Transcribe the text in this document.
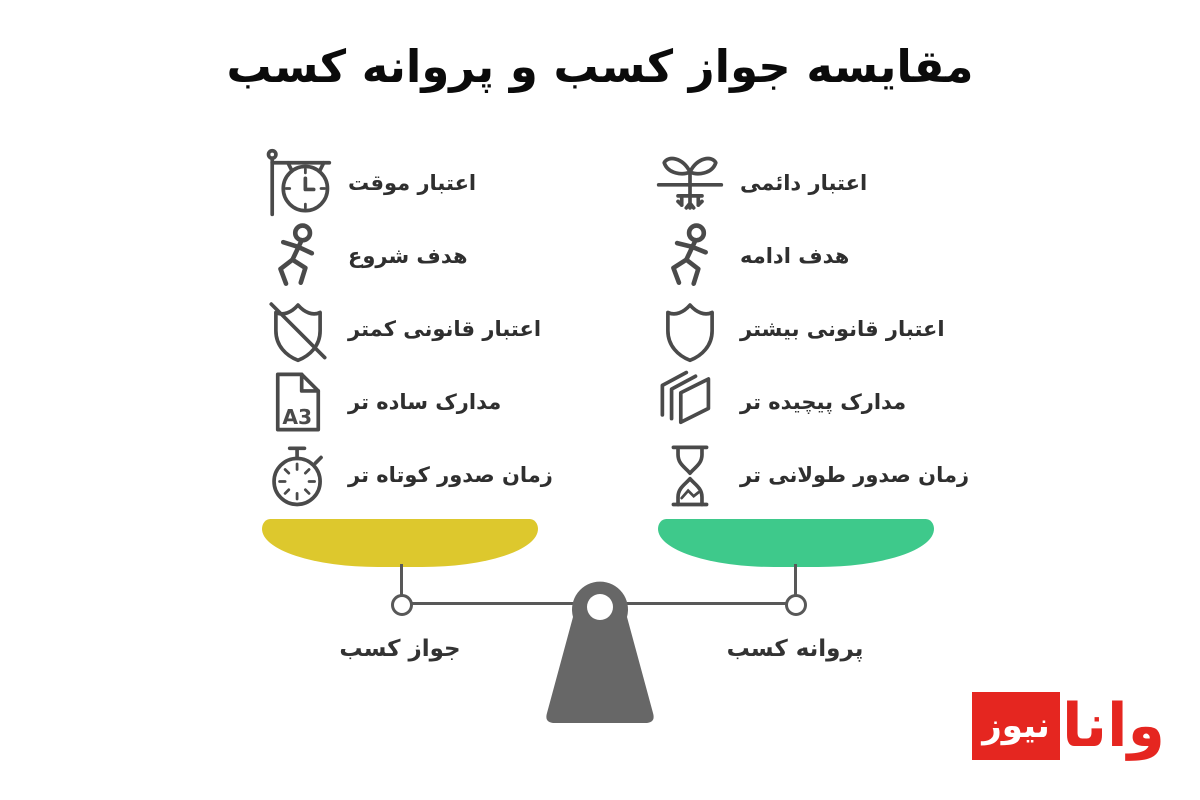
مقایسه جواز کسب و پروانه کسب
اعتبار موقت
هدف شروع
اعتبار قانونی کمتر
A3
مدارک ساده تر
زمان صدور کوتاه تر
اعتبار دائمی
هدف ادامه
اعتبار قانونی بیشتر
مدارک پیچیده تر
زمان صدور طولانی تر
جواز کسب	پروانه کسب
نیوز وانا
